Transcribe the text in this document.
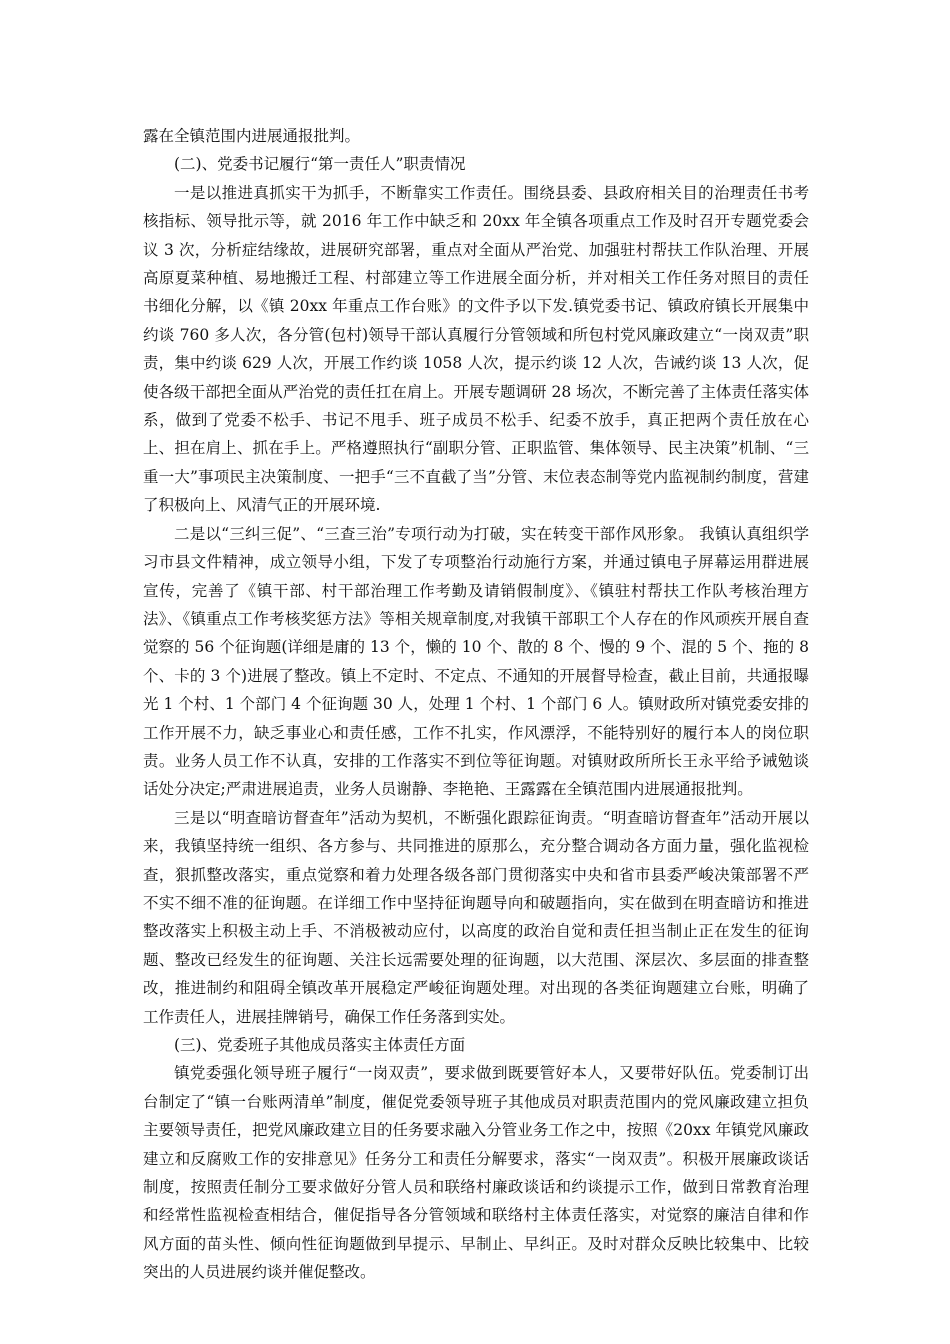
露在全镇范围内进展通报批判。

(二)、党委书记履行“第一责任人”职责情况

一是以推进真抓实干为抓手，不断靠实工作责任。围绕县委、县政府相关目的治理责任书考核指标、领导批示等，就 2016 年工作中缺乏和 20xx 年全镇各项重点工作及时召开专题党委会议 3 次，分析症结缘故，进展研究部署，重点对全面从严治党、加强驻村帮扶工作队治理、开展高原夏菜种植、易地搬迁工程、村部建立等工作进展全面分析，并对相关工作任务对照目的责任书细化分解，以《镇 20xx 年重点工作台账》的文件予以下发.镇党委书记、镇政府镇长开展集中约谈 760 多人次，各分管(包村)领导干部认真履行分管领域和所包村党风廉政建立“一岗双责”职责，集中约谈 629 人次，开展工作约谈 1058 人次，提示约谈 12 人次，告诫约谈 13 人次，促使各级干部把全面从严治党的责任扛在肩上。开展专题调研 28 场次，不断完善了主体责任落实体系，做到了党委不松手、书记不甩手、班子成员不松手、纪委不放手，真正把两个责任放在心上、担在肩上、抓在手上。严格遵照执行“副职分管、正职监管、集体领导、民主决策”机制、“三重一大”事项民主决策制度、一把手“三不直截了当”分管、末位表态制等党内监视制约制度，营建了积极向上、风清气正的开展环境.

二是以“三纠三促”、“三查三治”专项行动为打破，实在转变干部作风形象。 我镇认真组织学习市县文件精神，成立领导小组，下发了专项整治行动施行方案，并通过镇电子屏幕运用群进展宣传，完善了《镇干部、村干部治理工作考勤及请销假制度》、《镇驻村帮扶工作队考核治理方法》、《镇重点工作考核奖惩方法》等相关规章制度,对我镇干部职工个人存在的作风顽疾开展自查觉察的 56 个征询题(详细是庸的 13 个，懒的 10 个、散的 8 个、慢的 9 个、混的 5 个、拖的 8 个、卡的 3 个)进展了整改。镇上不定时、不定点、不通知的开展督导检查，截止目前，共通报曝光 1 个村、1 个部门 4 个征询题 30 人，处理 1 个村、1 个部门 6 人。镇财政所对镇党委安排的工作开展不力，缺乏事业心和责任感，工作不扎实，作风漂浮，不能特别好的履行本人的岗位职责。业务人员工作不认真，安排的工作落实不到位等征询题。对镇财政所所长王永平给予诫勉谈话处分决定;严肃进展追责，业务人员谢静、李艳艳、王露露在全镇范围内进展通报批判。

三是以“明查暗访督查年”活动为契机，不断强化跟踪征询责。“明查暗访督查年”活动开展以来，我镇坚持统一组织、各方参与、共同推进的原那么，充分整合调动各方面力量，强化监视检查，狠抓整改落实，重点觉察和着力处理各级各部门贯彻落实中央和省市县委严峻决策部署不严不实不细不准的征询题。在详细工作中坚持征询题导向和破题指向，实在做到在明查暗访和推进整改落实上积极主动上手、不消极被动应付，以高度的政治自觉和责任担当制止正在发生的征询题、整改已经发生的征询题、关注长远需要处理的征询题，以大范围、深层次、多层面的排查整改，推进制约和阻碍全镇改革开展稳定严峻征询题处理。对出现的各类征询题建立台账，明确了工作责任人，进展挂牌销号，确保工作任务落到实处。

(三)、党委班子其他成员落实主体责任方面

镇党委强化领导班子履行“一岗双责”，要求做到既要管好本人，又要带好队伍。党委制订出台制定了“镇一台账两清单”制度，催促党委领导班子其他成员对职责范围内的党风廉政建立担负主要领导责任，把党风廉政建立目的任务要求融入分管业务工作之中，按照《20xx 年镇党风廉政建立和反腐败工作的安排意见》任务分工和责任分解要求，落实“一岗双责”。积极开展廉政谈话制度，按照责任制分工要求做好分管人员和联络村廉政谈话和约谈提示工作，做到日常教育治理和经常性监视检查相结合，催促指导各分管领域和联络村主体责任落实，对觉察的廉洁自律和作风方面的苗头性、倾向性征询题做到早提示、早制止、早纠正。及时对群众反映比较集中、比较突出的人员进展约谈并催促整改。
